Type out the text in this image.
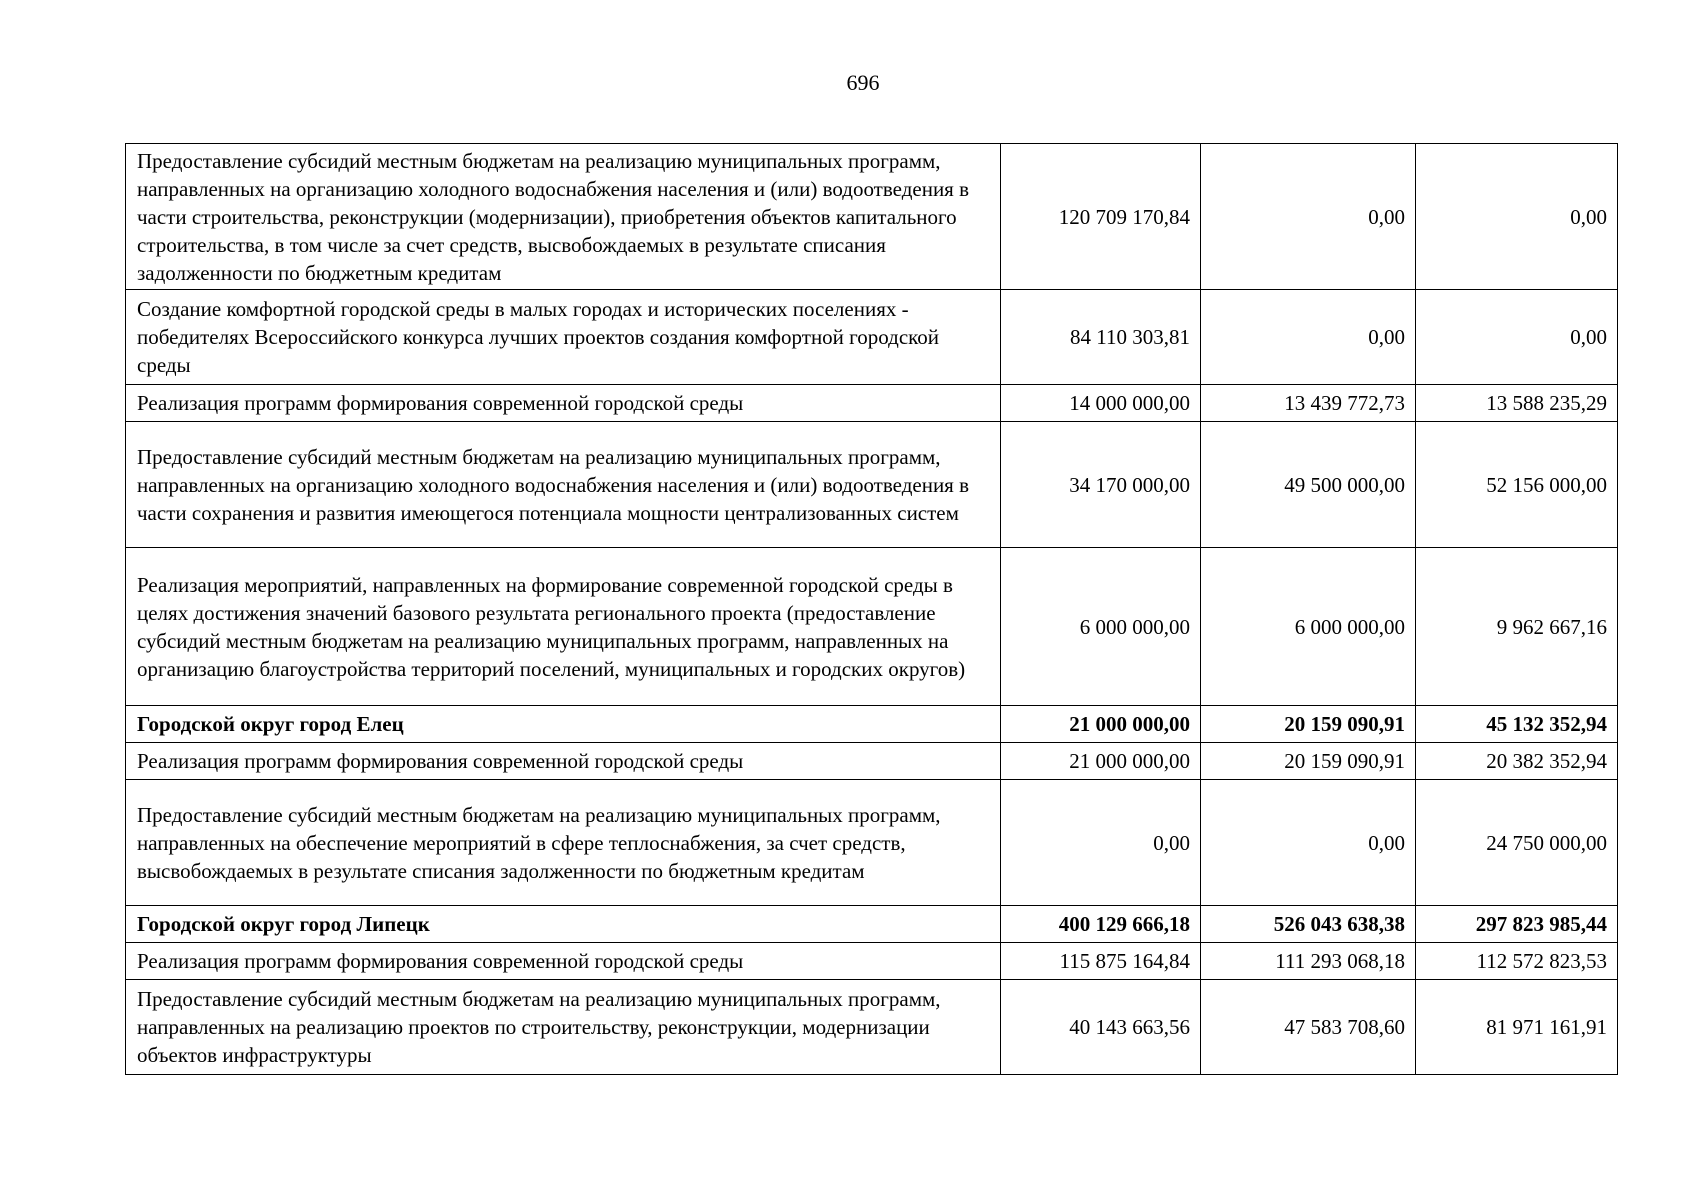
696
Предоставление субсидий местным бюджетам на реализацию муниципальных программ, направленных на организацию холодного водоснабжения населения и (или) водоотведения в части строительства, реконструкции (модернизации), приобретения объектов капитального строительства, в том числе за счет средств, высвобождаемых в результате списания задолженности по бюджетным кредитам	120 709 170,84	0,00	0,00
Создание комфортной городской среды в малых городах и исторических поселениях - победителях Всероссийского конкурса лучших проектов создания комфортной городской среды	84 110 303,81	0,00	0,00
Реализация программ формирования современной городской среды	14 000 000,00	13 439 772,73	13 588 235,29
Предоставление субсидий местным бюджетам на реализацию муниципальных программ, направленных на организацию холодного водоснабжения населения и (или) водоотведения в части сохранения и развития имеющегося потенциала мощности централизованных систем	34 170 000,00	49 500 000,00	52 156 000,00
Реализация мероприятий, направленных на формирование современной городской среды в целях достижения значений базового результата регионального проекта (предоставление субсидий местным бюджетам на реализацию муниципальных программ, направленных на организацию благоустройства территорий поселений, муниципальных и городских округов)	6 000 000,00	6 000 000,00	9 962 667,16
Городской округ город Елец	21 000 000,00	20 159 090,91	45 132 352,94
Реализация программ формирования современной городской среды	21 000 000,00	20 159 090,91	20 382 352,94
Предоставление субсидий местным бюджетам на реализацию муниципальных программ, направленных на обеспечение мероприятий в сфере теплоснабжения, за счет средств, высвобождаемых в результате списания задолженности по бюджетным кредитам	0,00	0,00	24 750 000,00
Городской округ город Липецк	400 129 666,18	526 043 638,38	297 823 985,44
Реализация программ формирования современной городской среды	115 875 164,84	111 293 068,18	112 572 823,53
Предоставление субсидий местным бюджетам на реализацию муниципальных программ, направленных на реализацию проектов по строительству, реконструкции, модернизации объектов инфраструктуры	40 143 663,56	47 583 708,60	81 971 161,91
